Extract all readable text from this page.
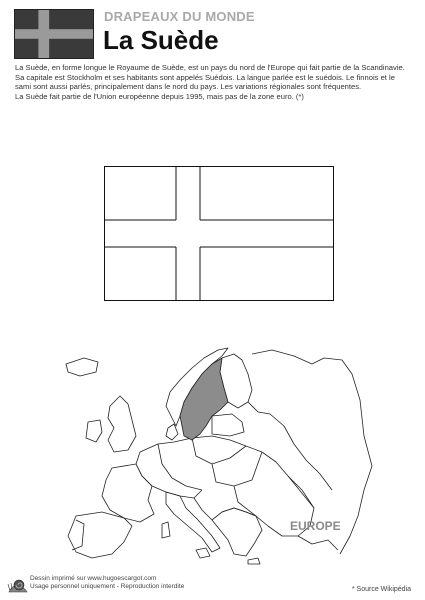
DRAPEAUX DU MONDE
La Suède

La Suède, en forme longue le Royaume de Suède, est un pays du nord de l'Europe qui fait partie de la Scandinavie. Sa capitale est Stockholm et ses habitants sont appelés Suédois. La langue parlée est le suédois. Le finnois et le sami sont aussi parlés, principalement dans le nord du pays. Les variations régionales sont fréquentes.

La Suède fait partie de l'Union européenne depuis 1995, mais pas de la zone euro. (*)

EUROPE
Dessin imprimé sur www.hugoescargot.com
Usage personnel uniquement - Reproduction interdite	* Source Wikipédia
